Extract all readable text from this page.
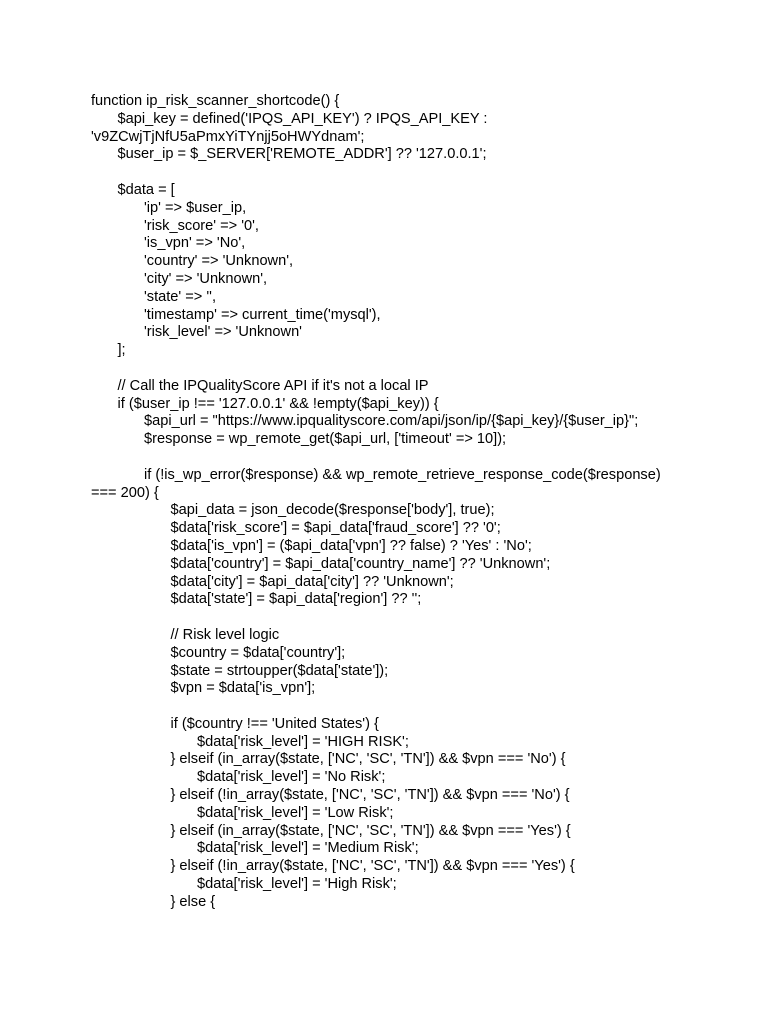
function ip_risk_scanner_shortcode() {
$api_key = defined('IPQS_API_KEY') ? IPQS_API_KEY :
'v9ZCwjTjNfU5aPmxYiTYnjj5oHWYdnam';
$user_ip = $_SERVER['REMOTE_ADDR'] ?? '127.0.0.1';
$data = [
'ip' => $user_ip,
'risk_score' => '0',
'is_vpn' => 'No',
'country' => 'Unknown',
'city' => 'Unknown',
'state' => '',
'timestamp' => current_time('mysql'),
'risk_level' => 'Unknown'
];
// Call the IPQualityScore API if it's not a local IP
if ($user_ip !== '127.0.0.1' && !empty($api_key)) {
$api_url = "https://www.ipqualityscore.com/api/json/ip/{$api_key}/{$user_ip}";
$response = wp_remote_get($api_url, ['timeout' => 10]);
if (!is_wp_error($response) && wp_remote_retrieve_response_code($response)
=== 200) {
$api_data = json_decode($response['body'], true);
$data['risk_score'] = $api_data['fraud_score'] ?? '0';
$data['is_vpn'] = ($api_data['vpn'] ?? false) ? 'Yes' : 'No';
$data['country'] = $api_data['country_name'] ?? 'Unknown';
$data['city'] = $api_data['city'] ?? 'Unknown';
$data['state'] = $api_data['region'] ?? '';
// Risk level logic
$country = $data['country'];
$state = strtoupper($data['state']);
$vpn = $data['is_vpn'];
if ($country !== 'United States') {
$data['risk_level'] = 'HIGH RISK';
} elseif (in_array($state, ['NC', 'SC', 'TN']) && $vpn === 'No') {
$data['risk_level'] = 'No Risk';
} elseif (!in_array($state, ['NC', 'SC', 'TN']) && $vpn === 'No') {
$data['risk_level'] = 'Low Risk';
} elseif (in_array($state, ['NC', 'SC', 'TN']) && $vpn === 'Yes') {
$data['risk_level'] = 'Medium Risk';
} elseif (!in_array($state, ['NC', 'SC', 'TN']) && $vpn === 'Yes') {
$data['risk_level'] = 'High Risk';
} else {
